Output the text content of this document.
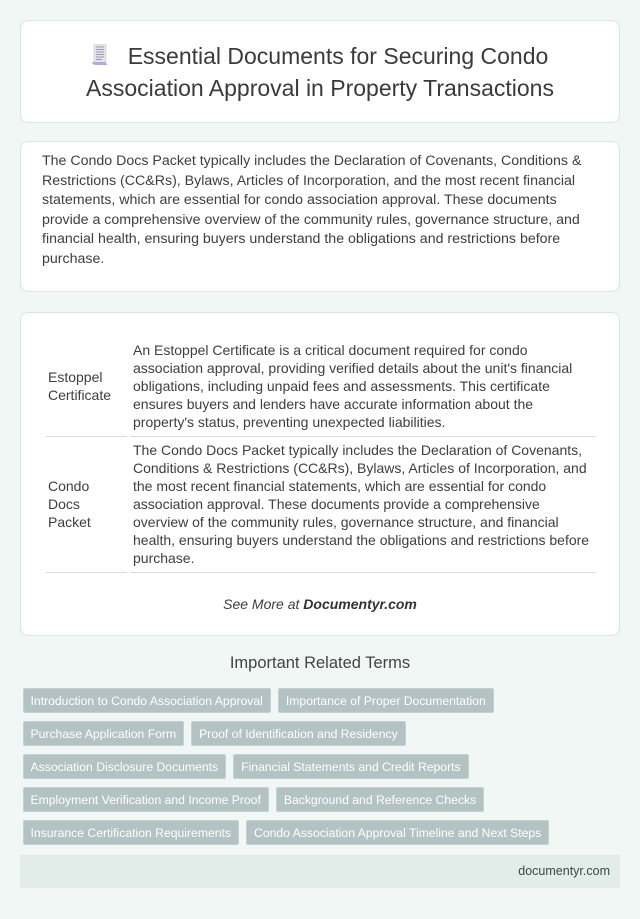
Essential Documents for Securing Condo Association Approval in Property Transactions

The Condo Docs Packet typically includes the Declaration of Covenants, Conditions & Restrictions (CC&Rs), Bylaws, Articles of Incorporation, and the most recent financial statements, which are essential for condo association approval. These documents provide a comprehensive overview of the community rules, governance structure, and financial health, ensuring buyers understand the obligations and restrictions before purchase.

Estoppel Certificate	An Estoppel Certificate is a critical document required for condo association approval, providing verified details about the unit's financial obligations, including unpaid fees and assessments. This certificate ensures buyers and lenders have accurate information about the property's status, preventing unexpected liabilities.
Condo Docs Packet	The Condo Docs Packet typically includes the Declaration of Covenants, Conditions & Restrictions (CC&Rs), Bylaws, Articles of Incorporation, and the most recent financial statements, which are essential for condo association approval. These documents provide a comprehensive overview of the community rules, governance structure, and financial health, ensuring buyers understand the obligations and restrictions before purchase.
See More at Documentyr.com
Important Related Terms
Introduction to Condo Association Approval	Importance of Proper Documentation
Purchase Application Form	Proof of Identification and Residency
Association Disclosure Documents	Financial Statements and Credit Reports
Employment Verification and Income Proof	Background and Reference Checks
Insurance Certification Requirements	Condo Association Approval Timeline and Next Steps
documentyr.com
